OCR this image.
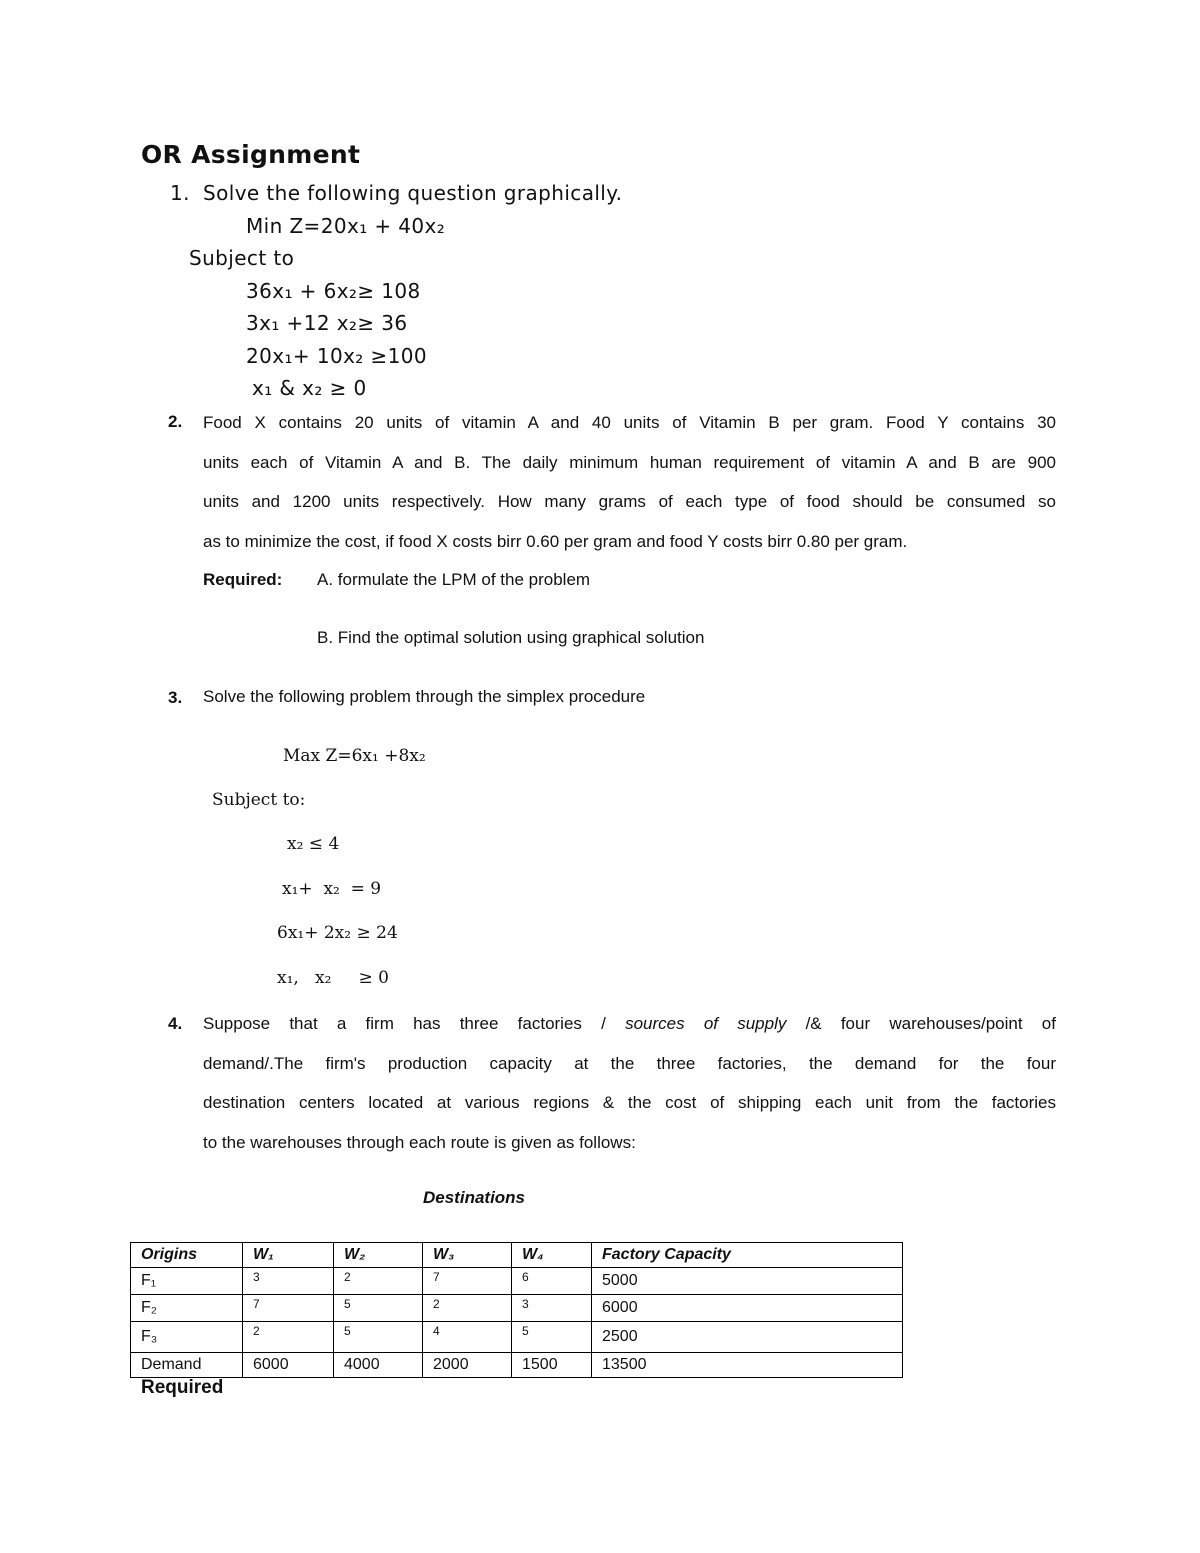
OR Assignment
1. Solve the following question graphically.
Min Z=20x₁ + 40x₂
Subject to
36x₁ + 6x₂≥ 108
3x₁ +12 x₂≥ 36
20x₁+ 10x₂ ≥100
x₁ & x₂ ≥ 0
2. Food X contains 20 units of vitamin A and 40 units of Vitamin B per gram. Food Y contains 30
units each of Vitamin A and B. The daily minimum human requirement of vitamin A and B are 900
units and 1200 units respectively. How many grams of each type of food should be consumed so
as to minimize the cost, if food X costs birr 0.60 per gram and food Y costs birr 0.80 per gram.
Required: A. formulate the LPM of the problem
B. Find the optimal solution using graphical solution
3. Solve the following problem through the simplex procedure
Max Z=6x₁ +8x₂
Subject to:
x₂ ≤ 4
x₁+  x₂  = 9
6x₁+ 2x₂ ≥ 24
x₁,   x₂     ≥ 0
4. Suppose that a firm has three factories / sources of supply /& four warehouses/point of
demand/.The firm's production capacity at the three factories, the demand for the four
destination centers located at various regions & the cost of shipping each unit from the factories
to the warehouses through each route is given as follows:
Destinations
Origins	W₁	W₂	W₃	W₄	Factory Capacity
F₁	3	2	7	6	5000
F₂	7	5	2	3	6000
F₃	2	5	4	5	2500
Demand	6000	4000	2000	1500	13500
Required
